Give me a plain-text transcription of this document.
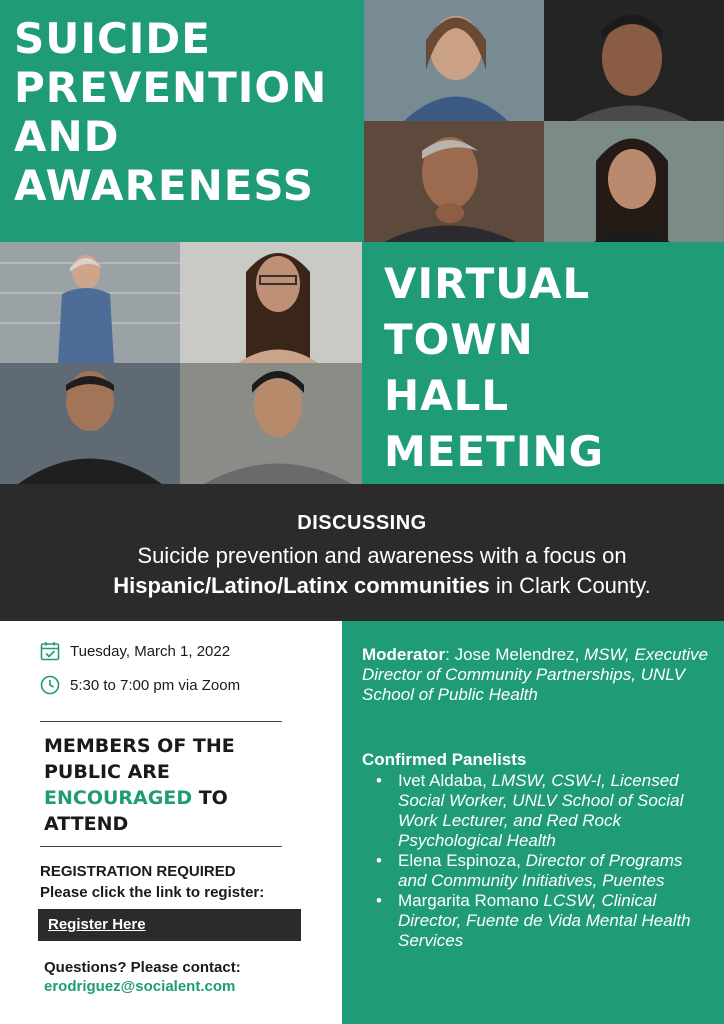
SUICIDE
PREVENTION
AND
AWARENESS
VIRTUAL
TOWN
HALL
MEETING
DISCUSSING
Suicide prevention and awareness with a focus on
Hispanic/Latino/Latinx communities in Clark County.
Tuesday, March 1, 2022
5:30 to 7:00 pm via Zoom
MEMBERS OF THE
PUBLIC ARE
ENCOURAGED TO
ATTEND
REGISTRATION REQUIRED
Please click the link to register:
Register Here
Questions? Please contact:
erodriguez@socialent.com
Moderator: Jose Melendrez, MSW, Executive Director of Community Partnerships, UNLV School of Public Health
Confirmed Panelists
• Ivet Aldaba, LMSW, CSW-I, Licensed Social Worker, UNLV School of Social Work Lecturer, and Red Rock Psychological Health
• Elena Espinoza, Director of Programs and Community Initiatives, Puentes
• Margarita Romano LCSW, Clinical Director, Fuente de Vida Mental Health Services
